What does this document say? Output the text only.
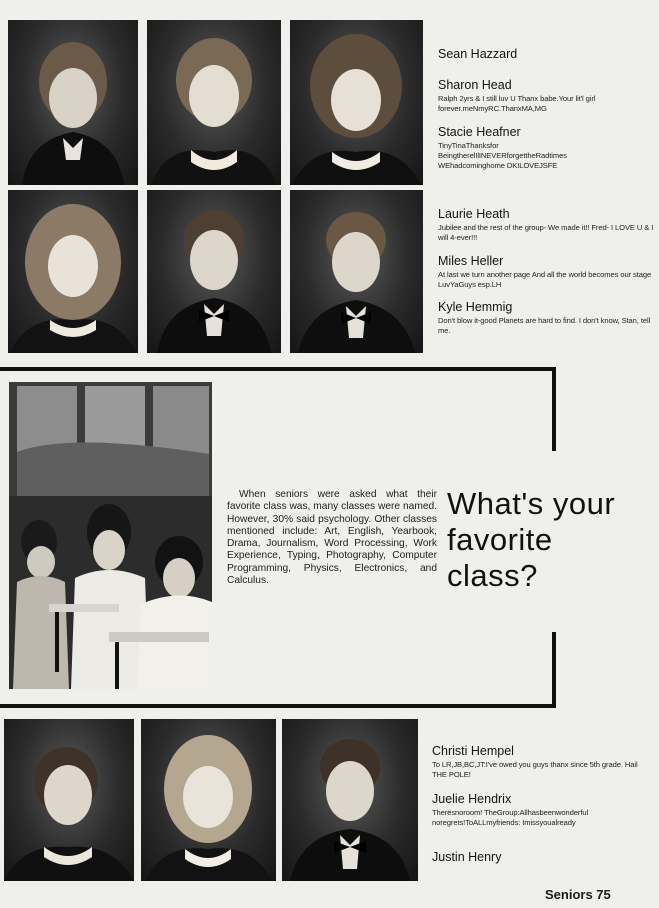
Sean Hazzard
Sharon Head
Ralph 2yrs & I still luv U Thanx babe.Your lit'l girl forever.meNmyRC.ThanxMA,MG
Stacie Heafner
TinyTinaThanksfor BeingtherelIlINEVERforgettheRadtimes WEhadcominghome DKILOVEJSFE
Laurie Heath
Jubilee and the rest of the group- We made it!! Fred- I LOVE U & I will 4-ever!!!
Miles Heller
At last we turn another page And all the world becomes our stage LuvYaGuys esp.LH
Kyle Hemmig
Don't blow it-good Planets are hard to find. I don't know, Stan, tell me.
When seniors were asked what their favorite class was, many classes were named. However, 30% said psychology. Other classes mentioned include: Art, English, Yearbook, Drama, Journalism, Word Processing, Work Experience, Typing, Photography, Computer Programming, Physics, Electronics, and Calculus.
What's your
favorite
class?
Christi Hempel
To LR,JB,BC,JT:I've owed you guys thanx since 5th grade. Hail THE POLE!
Juelie Hendrix
Theresnoroom! TheGroup:Allhasbeenwonderful noregrets!ToALLmyfriends: Imissyoualready
Justin Henry
Seniors 75
